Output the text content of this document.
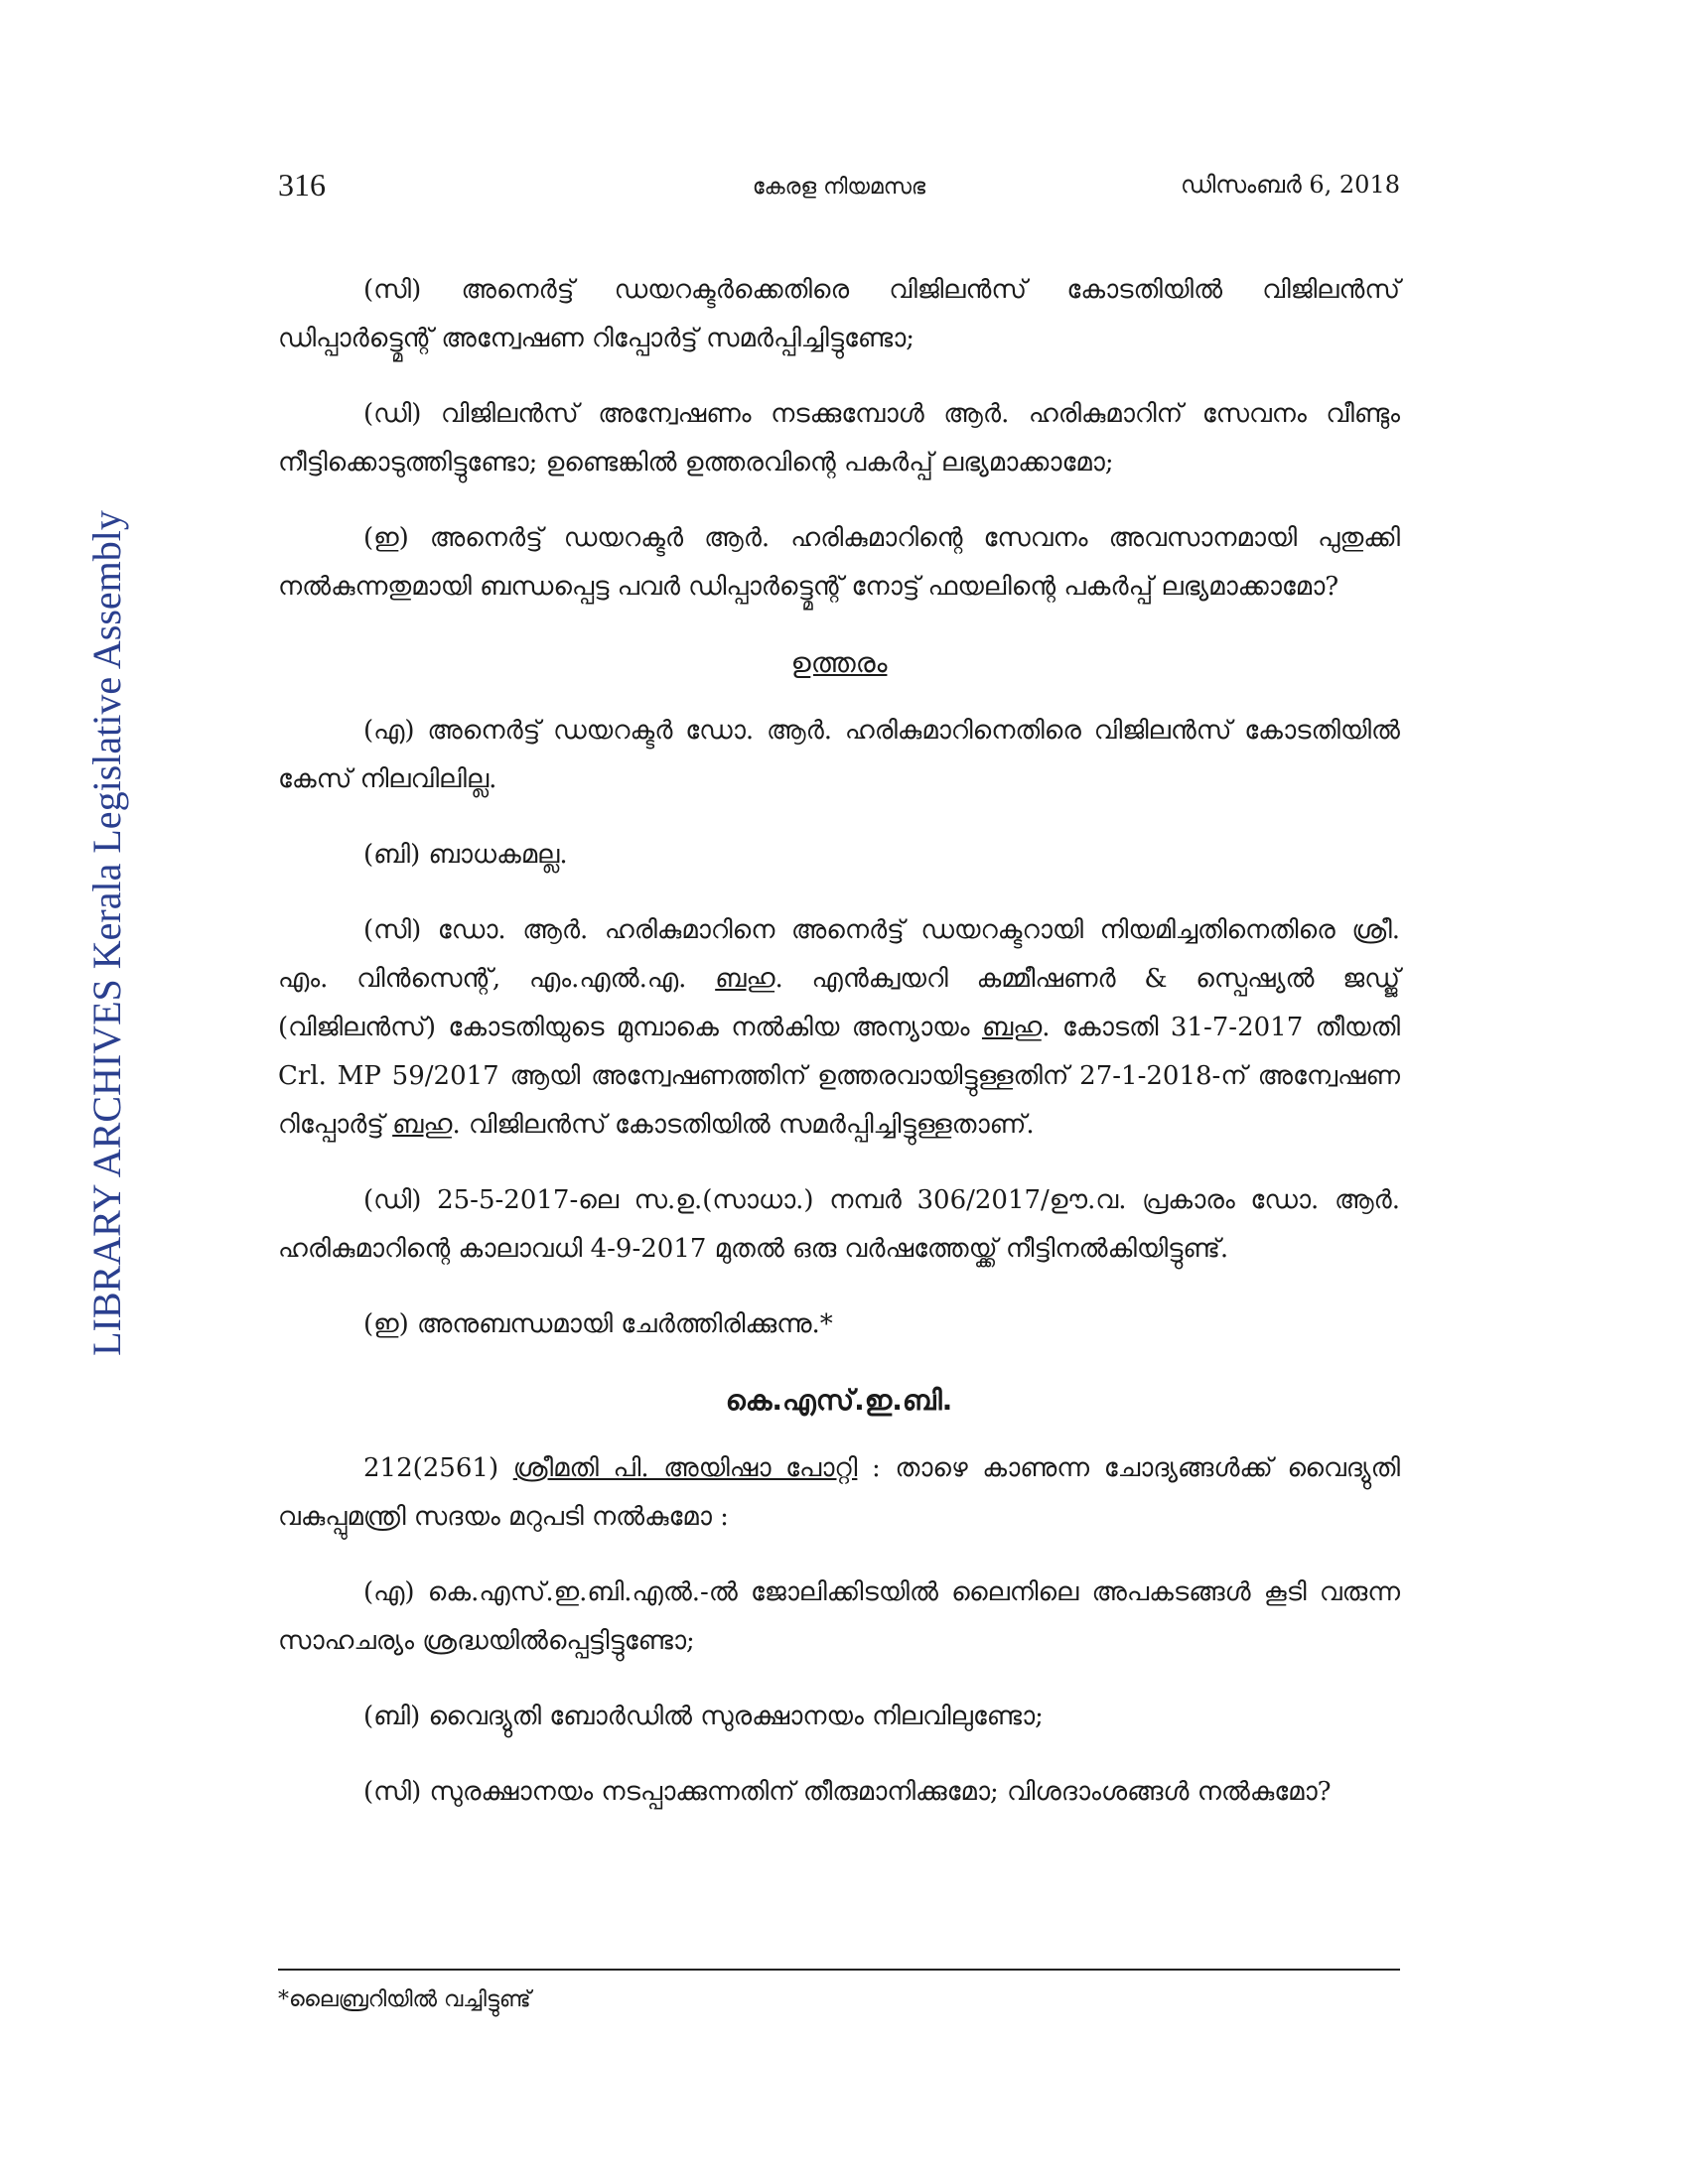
LIBRARY ARCHIVES Kerala Legislative Assembly
316	കേരള നിയമസഭ	ഡിസംബർ 6, 2018

(സി) അനെർട്ട് ഡയറക്ടർക്കെതിരെ വിജിലൻസ് കോടതിയിൽ വിജിലൻസ് ഡിപ്പാർട്ട്മെന്റ് അന്വേഷണ റിപ്പോർട്ട് സമർപ്പിച്ചിട്ടുണ്ടോ;

(ഡി) വിജിലൻസ് അന്വേഷണം നടക്കുമ്പോൾ ആർ. ഹരികുമാറിന് സേവനം വീണ്ടും നീട്ടിക്കൊടുത്തിട്ടുണ്ടോ; ഉണ്ടെങ്കിൽ ഉത്തരവിന്റെ പകർപ്പ് ലഭ്യമാക്കാമോ;

(ഇ) അനെർട്ട് ഡയറക്ടർ ആർ. ഹരികുമാറിന്റെ സേവനം അവസാനമായി പുതുക്കി നൽകുന്നതുമായി ബന്ധപ്പെട്ട പവർ ഡിപ്പാർട്ട്മെന്റ് നോട്ട് ഫയലിന്റെ പകർപ്പ് ലഭ്യമാക്കാമോ?

ഉത്തരം

(എ) അനെർട്ട് ഡയറക്ടർ ഡോ. ആർ. ഹരികുമാറിനെതിരെ വിജിലൻസ് കോടതിയിൽ കേസ് നിലവിലില്ല.

(ബി) ബാധകമല്ല.

(സി) ഡോ. ആർ. ഹരികുമാറിനെ അനെർട്ട് ഡയറക്ടറായി നിയമിച്ചതിനെതിരെ ശ്രീ. എം. വിൻസെന്റ്, എം.എൽ.എ. ബഹു. എൻക്വയറി കമ്മീഷണർ & സ്പെഷ്യൽ ജഡ്ജ് (വിജിലൻസ്) കോടതിയുടെ മുമ്പാകെ നൽകിയ അന്യായം ബഹു. കോടതി 31-7-2017 തീയതി Crl. MP 59/2017 ആയി അന്വേഷണത്തിന് ഉത്തരവായിട്ടുള്ളതിന് 27-1-2018-ന് അന്വേഷണ റിപ്പോർട്ട് ബഹു. വിജിലൻസ് കോടതിയിൽ സമർപ്പിച്ചിട്ടുള്ളതാണ്.

(ഡി) 25-5-2017-ലെ സ.ഉ.(സാധാ.) നമ്പർ 306/2017/ഊ.വ. പ്രകാരം ഡോ. ആർ. ഹരികുമാറിന്റെ കാലാവധി 4-9-2017 മുതൽ ഒരു വർഷത്തേയ്ക്ക് നീട്ടിനൽകിയിട്ടുണ്ട്.

(ഇ) അനുബന്ധമായി ചേർത്തിരിക്കുന്നു.*

കെ.എസ്.ഇ.ബി.

212(2561) ശ്രീമതി പി. അയിഷാ പോറ്റി : താഴെ കാണുന്ന ചോദ്യങ്ങൾക്ക് വൈദ്യുതി വകുപ്പുമന്ത്രി സദയം മറുപടി നൽകുമോ :

(എ) കെ.എസ്.ഇ.ബി.എൽ.-ൽ ജോലിക്കിടയിൽ ലൈനിലെ അപകടങ്ങൾ കൂടി വരുന്ന സാഹചര്യം ശ്രദ്ധയിൽപ്പെട്ടിട്ടുണ്ടോ;

(ബി) വൈദ്യുതി ബോർഡിൽ സുരക്ഷാനയം നിലവിലുണ്ടോ;

(സി) സുരക്ഷാനയം നടപ്പാക്കുന്നതിന് തീരുമാനിക്കുമോ; വിശദാംശങ്ങൾ നൽകുമോ?

*ലൈബ്രറിയിൽ വച്ചിട്ടുണ്ട്
